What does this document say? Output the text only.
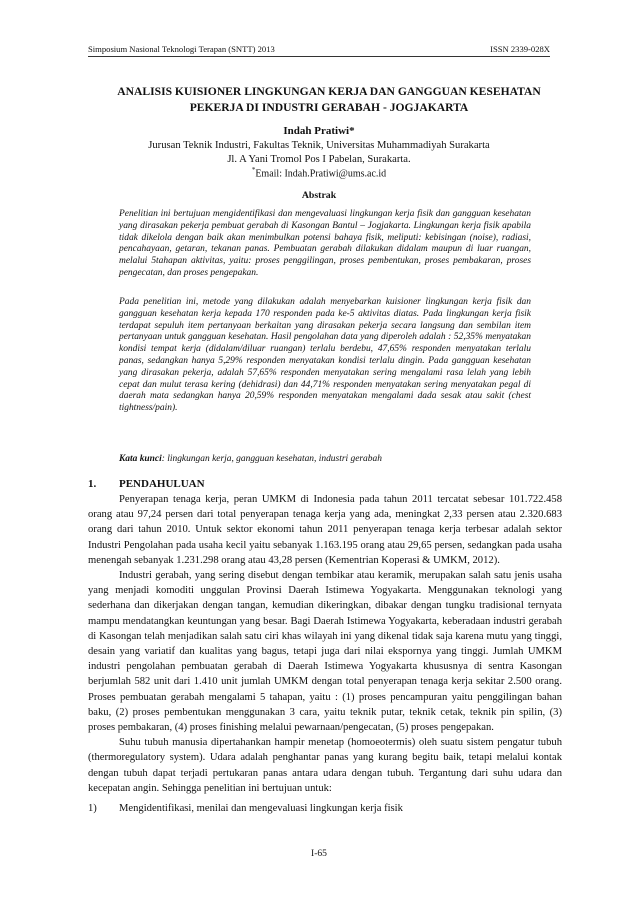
Simposium Nasional Teknologi Terapan (SNTT) 2013	ISSN 2339-028X
ANALISIS KUISIONER LINGKUNGAN KERJA DAN GANGGUAN KESEHATAN
PEKERJA DI INDUSTRI GERABAH - JOGJAKARTA
Indah Pratiwi*
Jurusan Teknik Industri, Fakultas Teknik, Universitas Muhammadiyah Surakarta
Jl. A Yani Tromol Pos I Pabelan, Surakarta.
*Email: Indah.Pratiwi@ums.ac.id
Abstrak
Penelitian ini bertujuan mengidentifikasi dan mengevaluasi lingkungan kerja fisik dan gangguan kesehatan yang dirasakan pekerja pembuat gerabah di Kasongan Bantul – Jogjakarta. Lingkungan kerja fisik apabila tidak dikelola dengan baik akan menimbulkan potensi bahaya fisik, meliputi: kebisingan (noise), radiasi, pencahayaan, getaran, tekanan panas. Pembuatan gerabah dilakukan didalam maupun di luar ruangan, melalui 5tahapan aktivitas, yaitu: proses penggilingan, proses pembentukan, proses pembakaran, proses pengecatan, dan proses pengepakan.
Pada penelitian ini, metode yang dilakukan adalah menyebarkan kuisioner lingkungan kerja fisik dan gangguan kesehatan kerja kepada 170 responden pada ke-5 aktivitas diatas. Pada lingkungan kerja fisik terdapat sepuluh item pertanyaan berkaitan yang dirasakan pekerja secara langsung dan sembilan item pertanyaan untuk gangguan kesehatan. Hasil pengolahan data yang diperoleh adalah : 52,35% menyatakan kondisi tempat kerja (didalam/diluar ruangan) terlalu berdebu, 47,65% responden menyatakan terlalu panas, sedangkan hanya 5,29% responden menyatakan kondisi terlalu dingin. Pada gangguan kesehatan yang dirasakan pekerja, adalah 57,65% responden menyatakan sering mengalami rasa lelah yang lebih cepat dan mulut terasa kering (dehidrasi) dan 44,71% responden menyatakan sering menyatakan pegal di daerah mata sedangkan hanya 20,59% responden menyatakan mengalami dada sesak atau sakit (chest tightness/pain).
Kata kunci: lingkungan kerja, gangguan kesehatan, industri gerabah
1. PENDAHULUAN

Penyerapan tenaga kerja, peran UMKM di Indonesia pada tahun 2011 tercatat sebesar 101.722.458 orang atau 97,24 persen dari total penyerapan tenaga kerja yang ada, meningkat 2,33 persen atau 2.320.683 orang dari tahun 2010. Untuk sektor ekonomi tahun 2011 penyerapan tenaga kerja terbesar adalah sektor Industri Pengolahan pada usaha kecil yaitu sebanyak 1.163.195 orang atau 29,65 persen, sedangkan pada usaha menengah sebanyak 1.231.298 orang atau 43,28 persen (Kementrian Koperasi & UMKM, 2012).

Industri gerabah, yang sering disebut dengan tembikar atau keramik, merupakan salah satu jenis usaha yang menjadi komoditi unggulan Provinsi Daerah Istimewa Yogyakarta. Menggunakan teknologi yang sederhana dan dikerjakan dengan tangan, kemudian dikeringkan, dibakar dengan tungku tradisional ternyata mampu mendatangkan keuntungan yang besar. Bagi Daerah Istimewa Yogyakarta, keberadaan industri gerabah di Kasongan telah menjadikan salah satu ciri khas wilayah ini yang dikenal tidak saja karena mutu yang tinggi, desain yang variatif dan kualitas yang bagus, tetapi juga dari nilai ekspornya yang tinggi. Jumlah UMKM industri pengolahan pembuatan gerabah di Daerah Istimewa Yogyakarta khususnya di sentra Kasongan berjumlah 582 unit dari 1.410 unit jumlah UMKM dengan total penyerapan tenaga kerja sekitar 2.500 orang. Proses pembuatan gerabah mengalami 5 tahapan, yaitu : (1) proses pencampuran yaitu penggilingan bahan baku, (2) proses pembentukan menggunakan 3 cara, yaitu teknik putar, teknik cetak, teknik pin spilin, (3) proses pembakaran, (4) proses finishing melalui pewarnaan/pengecatan, (5) proses pengepakan.

Suhu tubuh manusia dipertahankan hampir menetap (homoeotermis) oleh suatu sistem pengatur tubuh (thermoregulatory system). Udara adalah penghantar panas yang kurang begitu baik, tetapi melalui kontak dengan tubuh dapat terjadi pertukaran panas antara udara dengan tubuh. Tergantung dari suhu udara dan kecepatan angin. Sehingga penelitian ini bertujuan untuk:

1) Mengidentifikasi, menilai dan mengevaluasi lingkungan kerja fisik
I-65
